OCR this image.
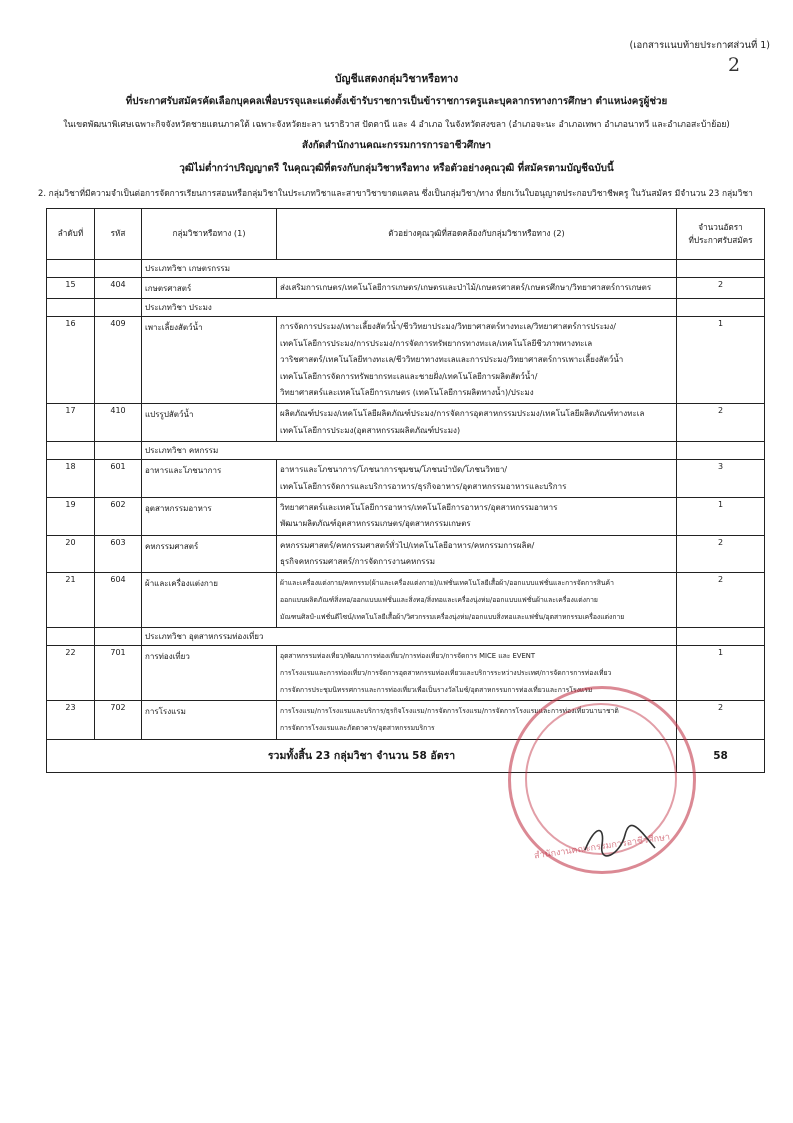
(เอกสารแนบท้ายประกาศส่วนที่ 1)
2
บัญชีแสดงกลุ่มวิชาหรือทาง
ที่ประกาศรับสมัครคัดเลือกบุคคลเพื่อบรรจุและแต่งตั้งเข้ารับราชการเป็นข้าราชการครูและบุคลากรทางการศึกษา ตำแหน่งครูผู้ช่วย
ในเขตพัฒนาพิเศษเฉพาะกิจจังหวัดชายแดนภาคใต้ เฉพาะจังหวัดยะลา นราธิวาส ปัตตานี และ 4 อำเภอ ในจังหวัดสงขลา (อำเภอจะนะ อำเภอเทพา อำเภอนาทวี และอำเภอสะบ้าย้อย)
สังกัดสำนักงานคณะกรรมการการอาชีวศึกษา
วุฒิไม่ต่ำกว่าปริญญาตรี ในคุณวุฒิที่ตรงกับกลุ่มวิชาหรือทาง หรือตัวอย่างคุณวุฒิ ที่สมัครตามบัญชีฉบับนี้
2. กลุ่มวิชาที่มีความจำเป็นต่อการจัดการเรียนการสอนหรือกลุ่มวิชาในประเภทวิชาและสาขาวิชาขาดแคลน ซึ่งเป็นกลุ่มวิชา/ทาง ที่ยกเว้นใบอนุญาตประกอบวิชาชีพครู ในวันสมัคร มีจำนวน 23 กลุ่มวิชา
ลำดับที่	รหัส	กลุ่มวิชาหรือทาง (1)	ตัวอย่างคุณวุฒิที่สอดคล้องกับกลุ่มวิชาหรือทาง (2)	จำนวนอัตรา
ที่ประกาศรับสมัคร
		ประเภทวิชา เกษตรกรรม		
15	404	เกษตรศาสตร์	ส่งเสริมการเกษตร/เทคโนโลยีการเกษตร/เกษตรและป่าไม้/เกษตรศาสตร์/เกษตรศึกษา/วิทยาศาสตร์การเกษตร	2
		ประเภทวิชา ประมง		
16	409	เพาะเลี้ยงสัตว์น้ำ	การจัดการประมง/เพาะเลี้ยงสัตว์น้ำ/ชีววิทยาประมง/วิทยาศาสตร์ทางทะเล/วิทยาศาสตร์การประมง/
เทคโนโลยีการประมง/การประมง/การจัดการทรัพยากรทางทะเล/เทคโนโลยีชีวภาพทางทะเล
วาริชศาสตร์/เทคโนโลยีทางทะเล/ชีววิทยาทางทะเลและการประมง/วิทยาศาสตร์การเพาะเลี้ยงสัตว์น้ำ
เทคโนโลยีการจัดการทรัพยากรทะเลและชายฝั่ง/เทคโนโลยีการผลิตสัตว์น้ำ/
วิทยาศาสตร์และเทคโนโลยีการเกษตร (เทคโนโลยีการผลิตทางน้ำ)/ประมง	1
17	410	แปรรูปสัตว์น้ำ	ผลิตภัณฑ์ประมง/เทคโนโลยีผลิตภัณฑ์ประมง/การจัดการอุตสาหกรรมประมง/เทคโนโลยีผลิตภัณฑ์ทางทะเล
เทคโนโลยีการประมง(อุตสาหกรรมผลิตภัณฑ์ประมง)	2
		ประเภทวิชา คหกรรม		
18	601	อาหารและโภชนาการ	อาหารและโภชนาการ/โภชนาการชุมชน/โภชนบำบัด/โภชนวิทยา/
เทคโนโลยีการจัดการและบริการอาหาร/ธุรกิจอาหาร/อุตสาหกรรมอาหารและบริการ	3
19	602	อุตสาหกรรมอาหาร	วิทยาศาสตร์และเทคโนโลยีการอาหาร/เทคโนโลยีการอาหาร/อุตสาหกรรมอาหาร
พัฒนาผลิตภัณฑ์อุตสาหกรรมเกษตร/อุตสาหกรรมเกษตร	1
20	603	คหกรรมศาสตร์	คหกรรมศาสตร์/คหกรรมศาสตร์ทั่วไป/เทคโนโลยีอาหาร/คหกรรมการผลิต/
ธุรกิจคหกรรมศาสตร์/การจัดการงานคหกรรม	2
21	604	ผ้าและเครื่องแต่งกาย	ผ้าและเครื่องแต่งกาย/คหกรรม(ผ้าและเครื่องแต่งกาย)/แฟชั่นเทคโนโลยีเสื้อผ้า/ออกแบบแฟชั่นและการจัดการสินค้า
ออกแบบผลิตภัณฑ์สิ่งทอ/ออกแบบแฟชั่นและสิ่งทอ/สิ่งทอและเครื่องนุ่งห่ม/ออกแบบแฟชั่นผ้าและเครื่องแต่งกาย
มัณฑนศิลป์-แฟชั่นดีไซน์/เทคโนโลยีเสื้อผ้า/วิศวกรรมเครื่องนุ่งห่ม/ออกแบบสิ่งทอและแฟชั่น/อุตสาหกรรมเครื่องแต่งกาย	2
		ประเภทวิชา อุตสาหกรรมท่องเที่ยว		
22	701	การท่องเที่ยว	อุตสาหกรรมท่องเที่ยว/พัฒนาการท่องเที่ยว/การท่องเที่ยว/การจัดการ MICE และ EVENT
การโรงแรมและการท่องเที่ยว/การจัดการอุตสาหกรรมท่องเที่ยวและบริการระหว่างประเทศ/การจัดการการท่องเที่ยว
การจัดการประชุมนิทรรศการและการท่องเที่ยวเพื่อเป็นรางวัลไมซ์/อุตสาหกรรมการท่องเที่ยวและการโรงแรม	1
23	702	การโรงแรม	การโรงแรม/การโรงแรมและบริการ/ธุรกิจโรงแรม/การจัดการโรงแรม/การจัดการโรงแรมและการท่องเที่ยวนานาชาติ
การจัดการโรงแรมและภัตตาคาร/อุตสาหกรรมบริการ	2
รวมทั้งสิ้น 23 กลุ่มวิชา จำนวน 58 อัตรา				58
สำนักงานคณะกรรมการอาชีวศึกษา
